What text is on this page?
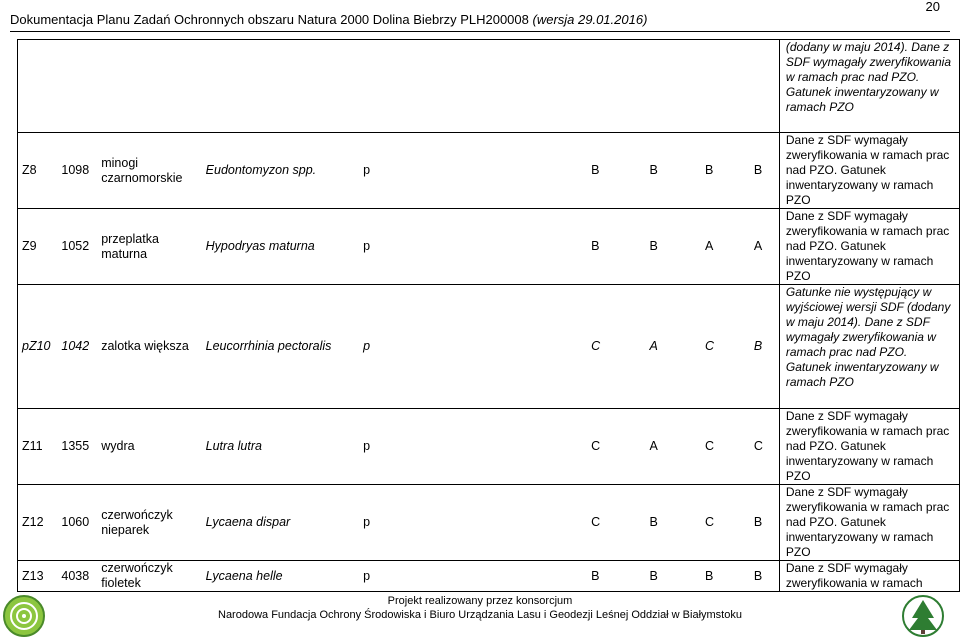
Dokumentacja Planu Zadań Ochronnych obszaru Natura 2000 Dolina Biebrzy PLH200008 (wersja 29.01.2016)
20
									(dodany w maju 2014). Dane z SDF wymagały zweryfikowania w ramach prac nad PZO. Gatunek inwentaryzowany w ramach PZO
Z8	1098	minogi czarnomorskie	Eudontomyzon spp.	p	B	B	B	B	Dane z SDF wymagały zweryfikowania w ramach prac nad PZO. Gatunek inwentaryzowany w ramach PZO
Z9	1052	przeplatka maturna	Hypodryas maturna	p	B	B	A	A	Dane z SDF wymagały zweryfikowania w ramach prac nad PZO. Gatunek inwentaryzowany w ramach PZO
pZ10	1042	zalotka większa	Leucorrhinia pectoralis	p	C	A	C	B	Gatunke nie występujący w wyjściowej wersji SDF (dodany w maju 2014). Dane z SDF wymagały zweryfikowania w ramach prac nad PZO. Gatunek inwentaryzowany w ramach PZO
Z11	1355	wydra	Lutra lutra	p	C	A	C	C	Dane z SDF wymagały zweryfikowania w ramach prac nad PZO. Gatunek inwentaryzowany w ramach PZO
Z12	1060	czerwończyk nieparek	Lycaena dispar	p	C	B	C	B	Dane z SDF wymagały zweryfikowania w ramach prac nad PZO. Gatunek inwentaryzowany w ramach PZO
Z13	4038	czerwończyk fioletek	Lycaena helle	p	B	B	B	B	Dane z SDF wymagały zweryfikowania w ramach
Projekt realizowany przez konsorcjum
Narodowa Fundacja Ochrony Środowiska i Biuro Urządzania Lasu i Geodezji Leśnej Oddział w Białymstoku
